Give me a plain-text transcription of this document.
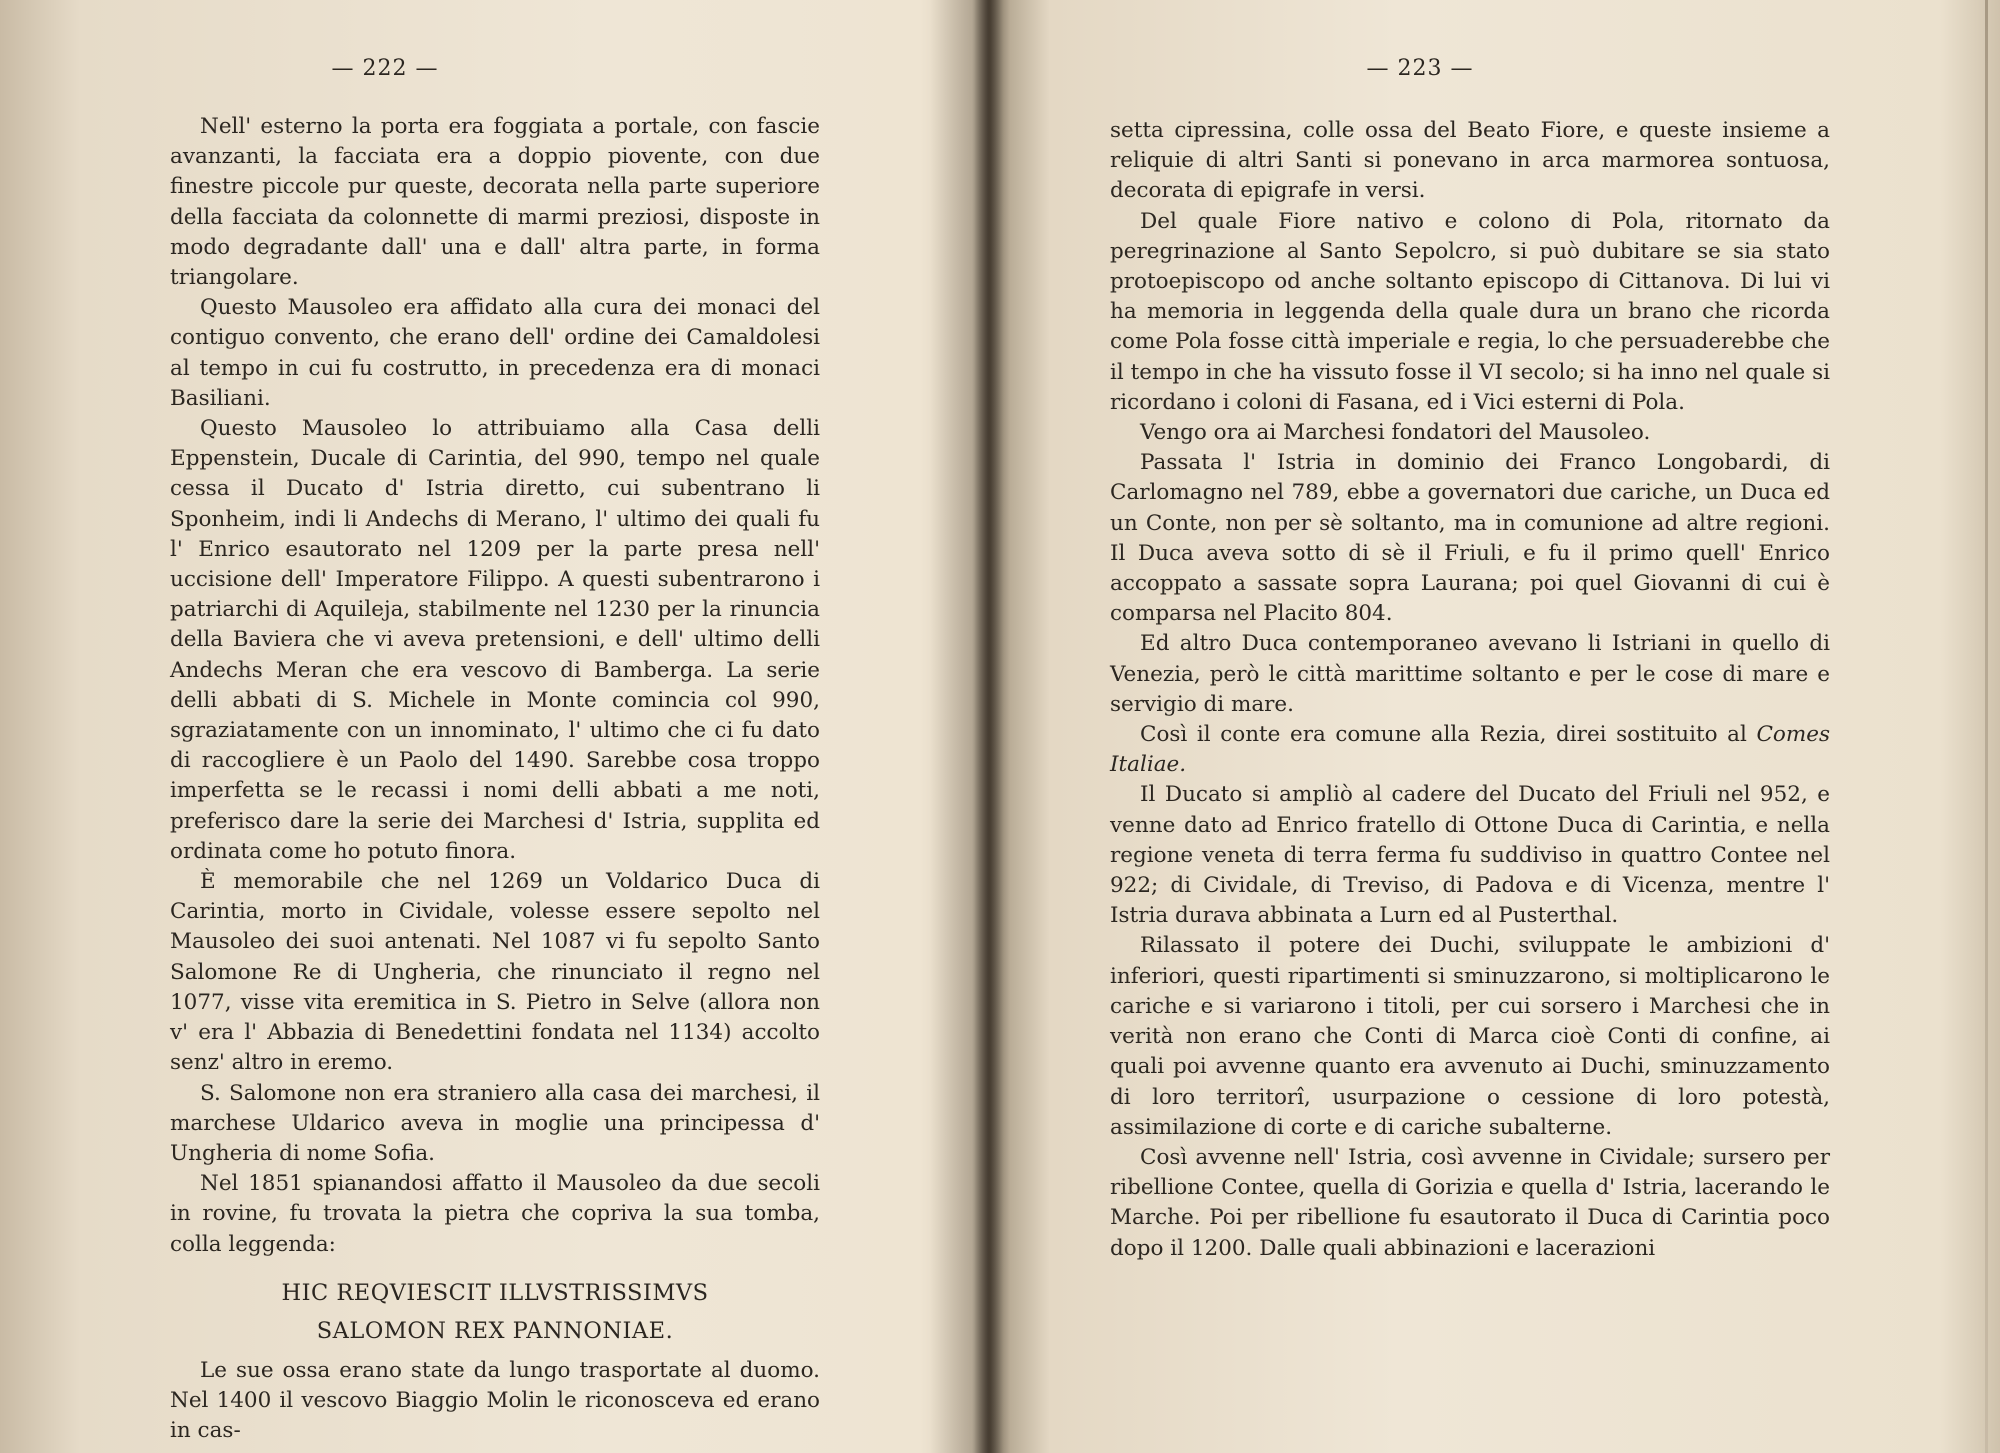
— 222 —

Nell' esterno la porta era foggiata a portale, con fascie avanzanti, la facciata era a doppio piovente, con due finestre piccole pur queste, decorata nella parte superiore della facciata da colonnette di marmi preziosi, disposte in modo degradante dall' una e dall' altra parte, in forma triangolare.

Questo Mausoleo era affidato alla cura dei monaci del contiguo convento, che erano dell' ordine dei Camaldolesi al tempo in cui fu costrutto, in precedenza era di monaci Basiliani.

Questo Mausoleo lo attribuiamo alla Casa delli Eppenstein, Ducale di Carintia, del 990, tempo nel quale cessa il Ducato d' Istria diretto, cui subentrano li Sponheim, indi li Andechs di Merano, l' ultimo dei quali fu l' Enrico esautorato nel 1209 per la parte presa nell' uccisione dell' Imperatore Filippo. A questi subentrarono i patriarchi di Aquileja, stabilmente nel 1230 per la rinuncia della Baviera che vi aveva pretensioni, e dell' ultimo delli Andechs Meran che era vescovo di Bamberga. La serie delli abbati di S. Michele in Monte comincia col 990, sgraziatamente con un innominato, l' ultimo che ci fu dato di raccogliere è un Paolo del 1490. Sarebbe cosa troppo imperfetta se le recassi i nomi delli abbati a me noti, preferisco dare la serie dei Marchesi d' Istria, supplita ed ordinata come ho potuto finora.

È memorabile che nel 1269 un Voldarico Duca di Carintia, morto in Cividale, volesse essere sepolto nel Mausoleo dei suoi antenati. Nel 1087 vi fu sepolto Santo Salomone Re di Ungheria, che rinunciato il regno nel 1077, visse vita eremitica in S. Pietro in Selve (allora non v' era l' Abbazia di Benedettini fondata nel 1134) accolto senz' altro in eremo.

S. Salomone non era straniero alla casa dei marchesi, il marchese Uldarico aveva in moglie una principessa d' Ungheria di nome Sofia.

Nel 1851 spianandosi affatto il Mausoleo da due secoli in rovine, fu trovata la pietra che copriva la sua tomba, colla leggenda:

HIC REQVIESCIT ILLVSTRISSIMVS
SALOMON REX PANNONIAE.

Le sue ossa erano state da lungo trasportate al duomo. Nel 1400 il vescovo Biaggio Molin le riconosceva ed erano in cas-

— 223 —

setta cipressina, colle ossa del Beato Fiore, e queste insieme a reliquie di altri Santi si ponevano in arca marmorea sontuosa, decorata di epigrafe in versi.

Del quale Fiore nativo e colono di Pola, ritornato da peregrinazione al Santo Sepolcro, si può dubitare se sia stato protoepiscopo od anche soltanto episcopo di Cittanova. Di lui vi ha memoria in leggenda della quale dura un brano che ricorda come Pola fosse città imperiale e regia, lo che persuaderebbe che il tempo in che ha vissuto fosse il VI secolo; si ha inno nel quale si ricordano i coloni di Fasana, ed i Vici esterni di Pola.

Vengo ora ai Marchesi fondatori del Mausoleo.

Passata l' Istria in dominio dei Franco Longobardi, di Carlomagno nel 789, ebbe a governatori due cariche, un Duca ed un Conte, non per sè soltanto, ma in comunione ad altre regioni. Il Duca aveva sotto di sè il Friuli, e fu il primo quell' Enrico accoppato a sassate sopra Laurana; poi quel Giovanni di cui è comparsa nel Placito 804.

Ed altro Duca contemporaneo avevano li Istriani in quello di Venezia, però le città marittime soltanto e per le cose di mare e servigio di mare.

Così il conte era comune alla Rezia, direi sostituito al Comes Italiae.

Il Ducato si ampliò al cadere del Ducato del Friuli nel 952, e venne dato ad Enrico fratello di Ottone Duca di Carintia, e nella regione veneta di terra ferma fu suddiviso in quattro Contee nel 922; di Cividale, di Treviso, di Padova e di Vicenza, mentre l' Istria durava abbinata a Lurn ed al Pusterthal.

Rilassato il potere dei Duchi, sviluppate le ambizioni d' inferiori, questi ripartimenti si sminuzzarono, si moltiplicarono le cariche e si variarono i titoli, per cui sorsero i Marchesi che in verità non erano che Conti di Marca cioè Conti di confine, ai quali poi avvenne quanto era avvenuto ai Duchi, sminuzzamento di loro territorî, usurpazione o cessione di loro potestà, assimilazione di corte e di cariche subalterne.

Così avvenne nell' Istria, così avvenne in Cividale; sursero per ribellione Contee, quella di Gorizia e quella d' Istria, lacerando le Marche. Poi per ribellione fu esautorato il Duca di Carintia poco dopo il 1200. Dalle quali abbinazioni e lacerazioni
